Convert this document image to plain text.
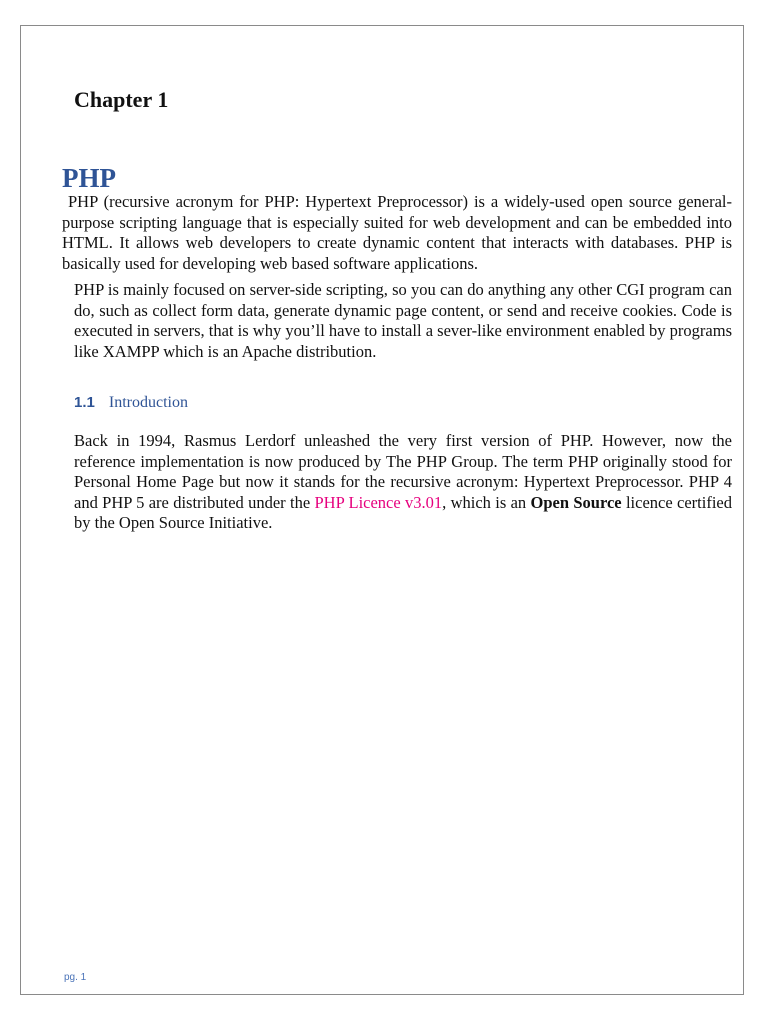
Chapter 1
PHP

PHP (recursive acronym for PHP: Hypertext Preprocessor) is a widely-used open source general-purpose scripting language that is especially suited for web development and can be embedded into HTML. It allows web developers to create dynamic content that interacts with databases. PHP is basically used for developing web based software applications.

PHP is mainly focused on server-side scripting, so you can do anything any other CGI program can do, such as collect form data, generate dynamic page content, or send and receive cookies. Code is executed in servers, that is why you’ll have to install a sever-like environment enabled by programs like XAMPP which is an Apache distribution.

1.1 Introduction

Back in 1994, Rasmus Lerdorf unleashed the very first version of PHP. However, now the reference implementation is now produced by The PHP Group. The term PHP originally stood for Personal Home Page but now it stands for the recursive acronym: Hypertext Preprocessor. PHP 4 and PHP 5 are distributed under the PHP Licence v3.01, which is an Open Source licence certified by the Open Source Initiative.

pg. 1
